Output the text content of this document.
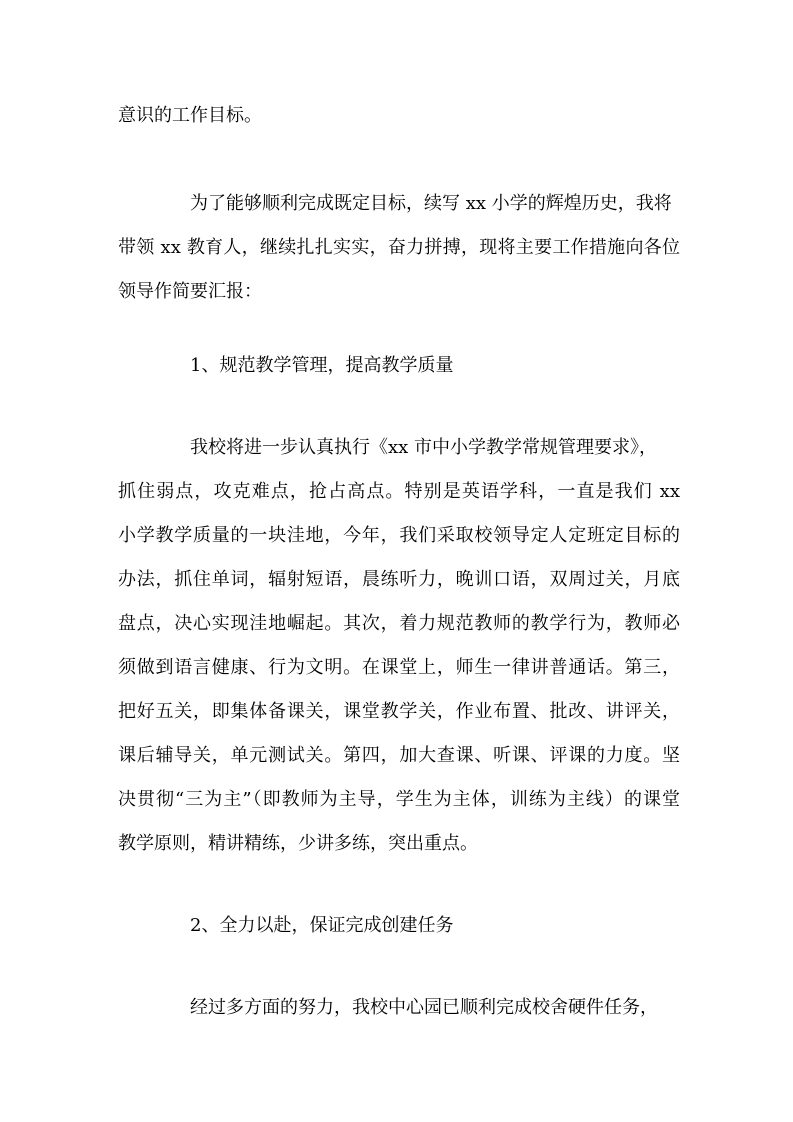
意识的工作目标。
为了能够顺利完成既定目标，续写 xx 小学的辉煌历史，我将
带领 xx 教育人，继续扎扎实实，奋力拼搏，现将主要工作措施向各位
领导作简要汇报：
1、规范教学管理，提高教学质量
我校将进一步认真执行《xx 市中小学教学常规管理要求》，
抓住弱点，攻克难点，抢占高点。特别是英语学科，一直是我们 xx
小学教学质量的一块洼地，今年，我们采取校领导定人定班定目标的
办法，抓住单词，辐射短语，晨练听力，晚训口语，双周过关，月底
盘点，决心实现洼地崛起。其次，着力规范教师的教学行为，教师必
须做到语言健康、行为文明。在课堂上，师生一律讲普通话。第三，
把好五关，即集体备课关，课堂教学关，作业布置、批改、讲评关，
课后辅导关，单元测试关。第四，加大查课、听课、评课的力度。坚
决贯彻“三为主”（即教师为主导，学生为主体，训练为主线）的课堂
教学原则，精讲精练，少讲多练，突出重点。
2、全力以赴，保证完成创建任务
经过多方面的努力，我校中心园已顺利完成校舍硬件任务，
